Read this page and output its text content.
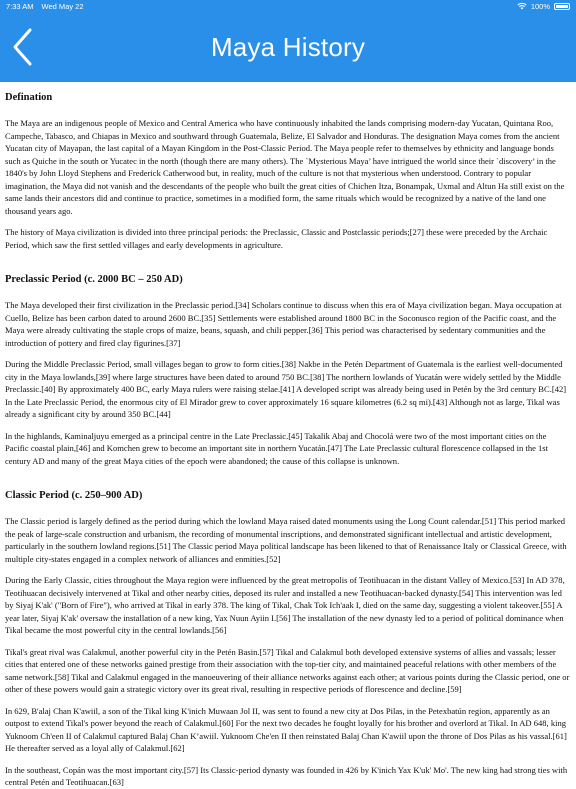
7:33 AM Wed May 22	100%
Maya History
Defination

The Maya are an indigenous people of Mexico and Central America who have continuously inhabited the lands comprising modern-day Yucatan, Quintana Roo, Campeche, Tabasco, and Chiapas in Mexico and southward through Guatemala, Belize, El Salvador and Honduras. The designation Maya comes from the ancient Yucatan city of Mayapan, the last capital of a Mayan Kingdom in the Post-Classic Period. The Maya people refer to themselves by ethnicity and language bonds such as Quiche in the south or Yucatec in the north (though there are many others). The `Mysterious Maya’ have intrigued the world since their `discovery’ in the 1840's by John Lloyd Stephens and Frederick Catherwood but, in reality, much of the culture is not that mysterious when understood. Contrary to popular imagination, the Maya did not vanish and the descendants of the people who built the great cities of Chichen Itza, Bonampak, Uxmal and Altun Ha still exist on the same lands their ancestors did and continue to practice, sometimes in a modified form, the same rituals which would be recognized by a native of the land one thousand years ago.

The history of Maya civilization is divided into three principal periods: the Preclassic, Classic and Postclassic periods;[27] these were preceded by the Archaic Period, which saw the first settled villages and early developments in agriculture.

Preclassic Period (c. 2000 BC – 250 AD)

The Maya developed their first civilization in the Preclassic period.[34] Scholars continue to discuss when this era of Maya civilization began. Maya occupation at Cuello, Belize has been carbon dated to around 2600 BC.[35] Settlements were established around 1800 BC in the Soconusco region of the Pacific coast, and the Maya were already cultivating the staple crops of maize, beans, squash, and chili pepper.[36] This period was characterised by sedentary communities and the introduction of pottery and fired clay figurines.[37]

During the Middle Preclassic Period, small villages began to grow to form cities.[38] Nakbe in the Petén Department of Guatemala is the earliest well-documented city in the Maya lowlands,[39] where large structures have been dated to around 750 BC.[38] The northern lowlands of Yucatán were widely settled by the Middle Preclassic.[40] By approximately 400 BC, early Maya rulers were raising stelae.[41] A developed script was already being used in Petén by the 3rd century BC.[42] In the Late Preclassic Period, the enormous city of El Mirador grew to cover approximately 16 square kilometres (6.2 sq mi).[43] Although not as large, Tikal was already a significant city by around 350 BC.[44]

In the highlands, Kaminaljuyu emerged as a principal centre in the Late Preclassic.[45] Takalik Abaj and Chocolá were two of the most important cities on the Pacific coastal plain,[46] and Komchen grew to become an important site in northern Yucatán.[47] The Late Preclassic cultural florescence collapsed in the 1st century AD and many of the great Maya cities of the epoch were abandoned; the cause of this collapse is unknown.

Classic Period (c. 250–900 AD)

The Classic period is largely defined as the period during which the lowland Maya raised dated monuments using the Long Count calendar.[51] This period marked the peak of large-scale construction and urbanism, the recording of monumental inscriptions, and demonstrated significant intellectual and artistic development, particularly in the southern lowland regions.[51] The Classic period Maya political landscape has been likened to that of Renaissance Italy or Classical Greece, with multiple city-states engaged in a complex network of alliances and enmities.[52]

During the Early Classic, cities throughout the Maya region were influenced by the great metropolis of Teotihuacan in the distant Valley of Mexico.[53] In AD 378, Teotihuacan decisively intervened at Tikal and other nearby cities, deposed its ruler and installed a new Teotihuacan-backed dynasty.[54] This intervention was led by Siyaj K'ak' ("Born of Fire"), who arrived at Tikal in early 378. The king of Tikal, Chak Tok Ich'aak I, died on the same day, suggesting a violent takeover.[55] A year later, Siyaj K'ak' oversaw the installation of a new king, Yax Nuun Ayiin I.[56] The installation of the new dynasty led to a period of political dominance when Tikal became the most powerful city in the central lowlands.[56]

Tikal's great rival was Calakmul, another powerful city in the Petén Basin.[57] Tikal and Calakmul both developed extensive systems of allies and vassals; lesser cities that entered one of these networks gained prestige from their association with the top-tier city, and maintained peaceful relations with other members of the same network.[58] Tikal and Calakmul engaged in the manoeuvering of their alliance networks against each other; at various points during the Classic period, one or other of these powers would gain a strategic victory over its great rival, resulting in respective periods of florescence and decline.[59]

In 629, B'alaj Chan K'awiil, a son of the Tikal king K'inich Muwaan Jol II, was sent to found a new city at Dos Pilas, in the Petexbatún region, apparently as an outpost to extend Tikal's power beyond the reach of Calakmul.[60] For the next two decades he fought loyally for his brother and overlord at Tikal. In AD 648, king Yuknoom Ch'een II of Calakmul captured Balaj Chan K’awiil. Yuknoom Che'en II then reinstated Balaj Chan K'awiil upon the throne of Dos Pilas as his vassal.[61] He thereafter served as a loyal ally of Calakmul.[62]

In the southeast, Copán was the most important city.[57] Its Classic-period dynasty was founded in 426 by K'inich Yax K'uk' Mo'. The new king had strong ties with central Petén and Teotihuacan.[63]
